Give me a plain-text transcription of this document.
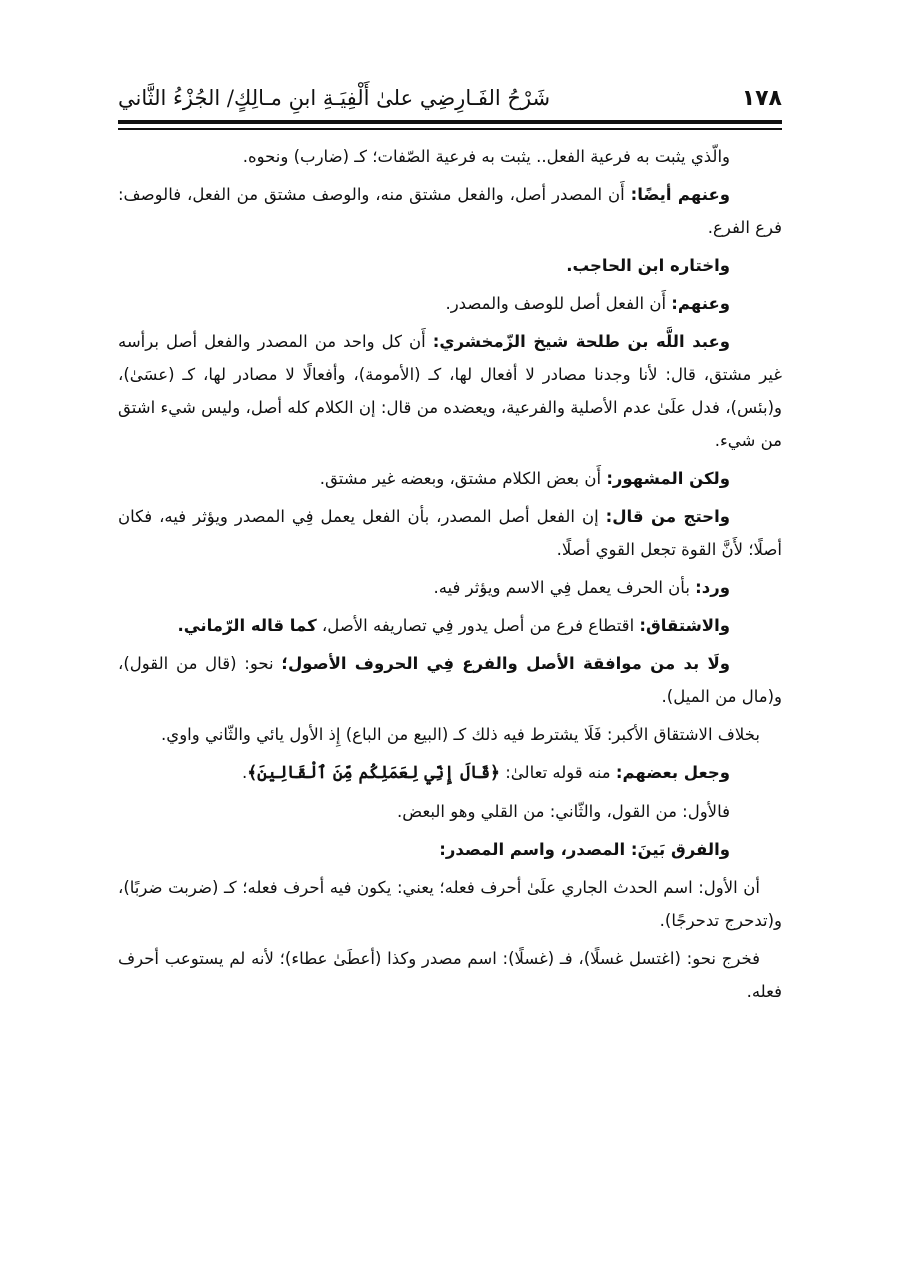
١٧٨
شَرْحُ الفَـارِضِي علىٰ أَلْفِيَـةِ ابنِ مـالِكٍ/ الجُزْءُ الثَّاني

والّذي يثبت به فرعية الفعل.. يثبت به فرعية الصّفات؛ كـ (ضارب) ونحوه.

وعنهم أيضًا: أَن المصدر أصل، والفعل مشتق منه، والوصف مشتق من الفعل، فالوصف: فرع الفرع.

واختاره ابن الحاجب.

وعنهم: أَن الفعل أصل للوصف والمصدر.

وعبد اللَّه بن طلحة شيخ الزّمخشري: أَن كل واحد من المصدر والفعل أصل برأسه غير مشتق، قال: لأنا وجدنا مصادر لا أفعال لها، كـ (الأمومة)، وأفعالًا لا مصادر لها، كـ (عسَىٰ)، و(بئس)، فدل علَىٰ عدم الأصلية والفرعية، ويعضده من قال: إن الكلام كله أصل، وليس شيء اشتق من شيء.

ولكن المشهور: أَن بعض الكلام مشتق، وبعضه غير مشتق.

واحتج من قال: إن الفعل أصل المصدر، بأن الفعل يعمل فِي المصدر ويؤثر فيه، فكان أصلًا؛ لأَنَّ القوة تجعل القوي أصلًا.

ورد: بأن الحرف يعمل فِي الاسم ويؤثر فيه.

والاشتقاق: اقتطاع فرع من أصل يدور فِي تصاريفه الأصل، كما قاله الرّماني.

ولَا بد من موافقة الأصل والفرع فِي الحروف الأصول؛ نحو: (قال من القول)، و(مال من الميل).

بخلاف الاشتقاق الأكبر: فَلَا يشترط فيه ذلك كـ (البيع من الباع) إِذ الأول يائي والثّاني واوي.

وجعل بعضهم: منه قوله تعالىٰ: ﴿قَالَ إِنِّي لِعَمَلِكُم مِّنَ ٱلْقَالِينَ﴾.

فالأول: من القول، والثّاني: من القلي وهو البعض.

والفرق بَينَ: المصدر، واسم المصدر:

أن الأول: اسم الحدث الجاري علَىٰ أحرف فعله؛ يعني: يكون فيه أحرف فعله؛ كـ (ضربت ضربًا)، و(تدحرج تدحرجًا).

فخرج نحو: (اغتسل غسلًا)، فـ (غسلًا): اسم مصدر وكذا (أعطَىٰ عطاء)؛ لأنه لم يستوعب أحرف فعله.
